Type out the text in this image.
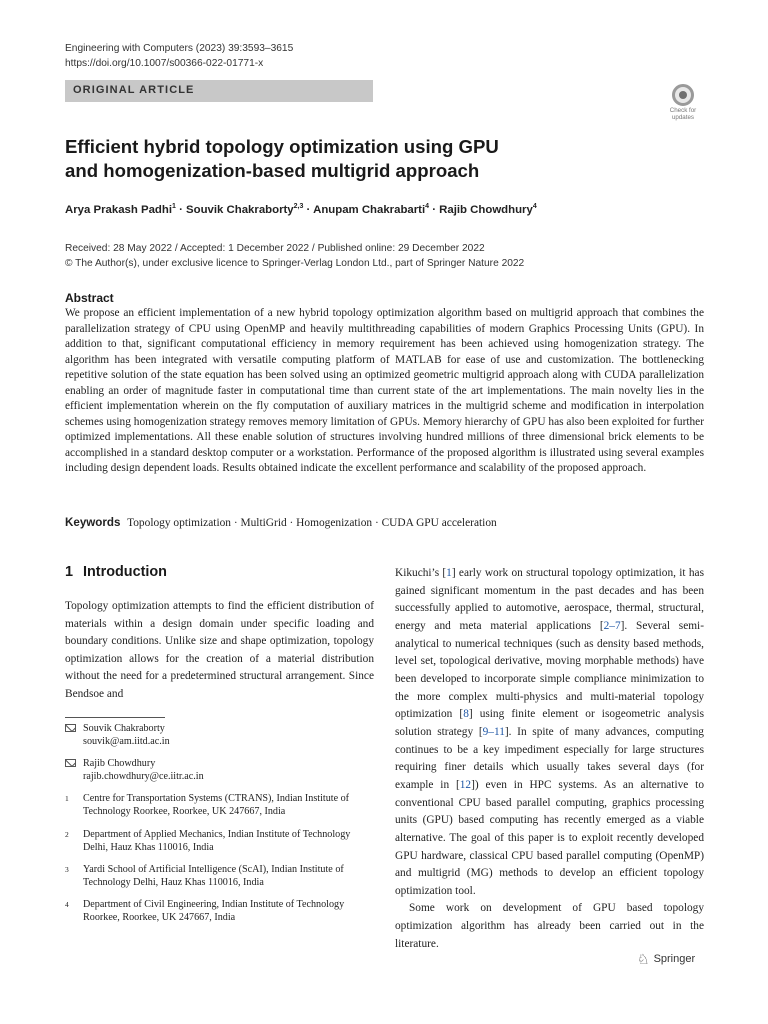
Engineering with Computers (2023) 39:3593–3615
https://doi.org/10.1007/s00366-022-01771-x
ORIGINAL ARTICLE
Check for
updates
Efficient hybrid topology optimization using GPU
and homogenization-based multigrid approach
Arya Prakash Padhi$^1$ · Souvik Chakraborty$^{2,3}$ · Anupam Chakrabarti$^4$ · Rajib Chowdhury$^4$
Received: 28 May 2022 / Accepted: 1 December 2022 / Published online: 29 December 2022
© The Author(s), under exclusive licence to Springer-Verlag London Ltd., part of Springer Nature 2022
Abstract
We propose an efficient implementation of a new hybrid topology optimization algorithm based on multigrid approach that combines the parallelization strategy of CPU using OpenMP and heavily multithreading capabilities of modern Graphics Processing Units (GPU). In addition to that, significant computational efficiency in memory requirement has been achieved using homogenization strategy. The algorithm has been integrated with versatile computing platform of MATLAB for ease of use and customization. The bottlenecking repetitive solution of the state equation has been solved using an optimized geometric multigrid approach along with CUDA parallelization enabling an order of magnitude faster in computational time than current state of the art implementations. The main novelty lies in the efficient implementation wherein on the fly computation of auxiliary matrices in the multigrid scheme and modification in interpolation schemes using homogenization strategy removes memory limitation of GPUs. Memory hierarchy of GPU has also been exploited for further optimized implementations. All these enable solution of structures involving hundred millions of three dimensional brick elements to be accomplished in a standard desktop computer or a workstation. Performance of the proposed algorithm is illustrated using several examples including design dependent loads. Results obtained indicate the excellent performance and scalability of the proposed approach.
Keywords Topology optimization · MultiGrid · Homogenization · CUDA GPU acceleration
1 Introduction

Topology optimization attempts to find the efficient distribution of materials within a design domain under specific loading and boundary conditions. Unlike size and shape optimization, topology optimization allows for the creation of a material distribution without the need for a predetermined structural arrangement. Since Bendsoe and

Kikuchi’s [1] early work on structural topology optimization, it has gained significant momentum in the past decades and has been successfully applied to automotive, aerospace, thermal, structural, energy and meta material applications [2–7]. Several semi-analytical to numerical techniques (such as density based methods, level set, topological derivative, moving morphable methods) have been developed to incorporate simple compliance minimization to the more complex multi-physics and multi-material topology optimization [8] using finite element or isogeometric analysis solution strategy [9–11]. In spite of many advances, computing continues to be a key impediment especially for large structures requiring finer details which usually takes several days (for example in [12]) even in HPC systems. As an alternative to conventional CPU based parallel computing, graphics processing units (GPU) based computing has recently emerged as a viable alternative. The goal of this paper is to exploit recently developed GPU hardware, classical CPU based parallel computing (OpenMP) and multigrid (MG) methods to develop an efficient topology optimization tool.

Some work on development of GPU based topology optimization algorithm has already been carried out in the literature.

Souvik Chakraborty
souvik@am.iitd.ac.in
Rajib Chowdhury
rajib.chowdhury@ce.iitr.ac.in
1	Centre for Transportation Systems (CTRANS), Indian Institute of Technology Roorkee, Roorkee, UK 247667, India
2	Department of Applied Mechanics, Indian Institute of Technology Delhi, Hauz Khas 110016, India
3	Yardi School of Artificial Intelligence (ScAI), Indian Institute of Technology Delhi, Hauz Khas 110016, India
4	Department of Civil Engineering, Indian Institute of Technology Roorkee, Roorkee, UK 247667, India
♘ Springer
